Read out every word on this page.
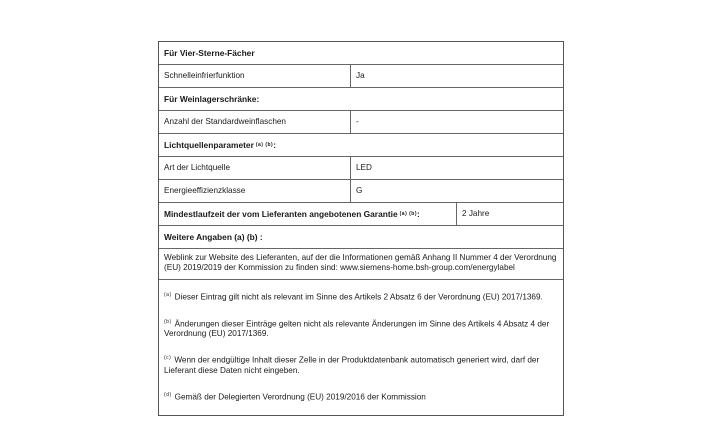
Für Vier-Sterne-Fächer
Schnelleinfrierfunktion	Ja
Für Weinlagerschränke:
Anzahl der Standardweinflaschen	-
Lichtquellenparameter (a) (b) :
Art der Lichtquelle	LED
Energieeffizienzklasse	G
Mindestlaufzeit der vom Lieferanten angebotenen Garantie (a) (b) :	2 Jahre
Weitere Angaben (a) (b) :
Weblink zur Website des Lieferanten, auf der die Informationen gemäß Anhang II Nummer 4 der Verordnung (EU) 2019/2019 der Kommission zu finden sind: www.siemens-home.bsh-group.com/energylabel
$^{(a)}$ Dieser Eintrag gilt nicht als relevant im Sinne des Artikels 2 Absatz 6 der Verordnung (EU) 2017/1369.
$^{(b)}$ Änderungen dieser Einträge gelten nicht als relevante Änderungen im Sinne des Artikels 4 Absatz 4 der Verordnung (EU) 2017/1369.
$^{(c)}$ Wenn der endgültige Inhalt dieser Zelle in der Produktdatenbank automatisch generiert wird, darf der Lieferant diese Daten nicht eingeben.
$^{(d)}$ Gemäß der Delegierten Verordnung (EU) 2019/2016 der Kommission
